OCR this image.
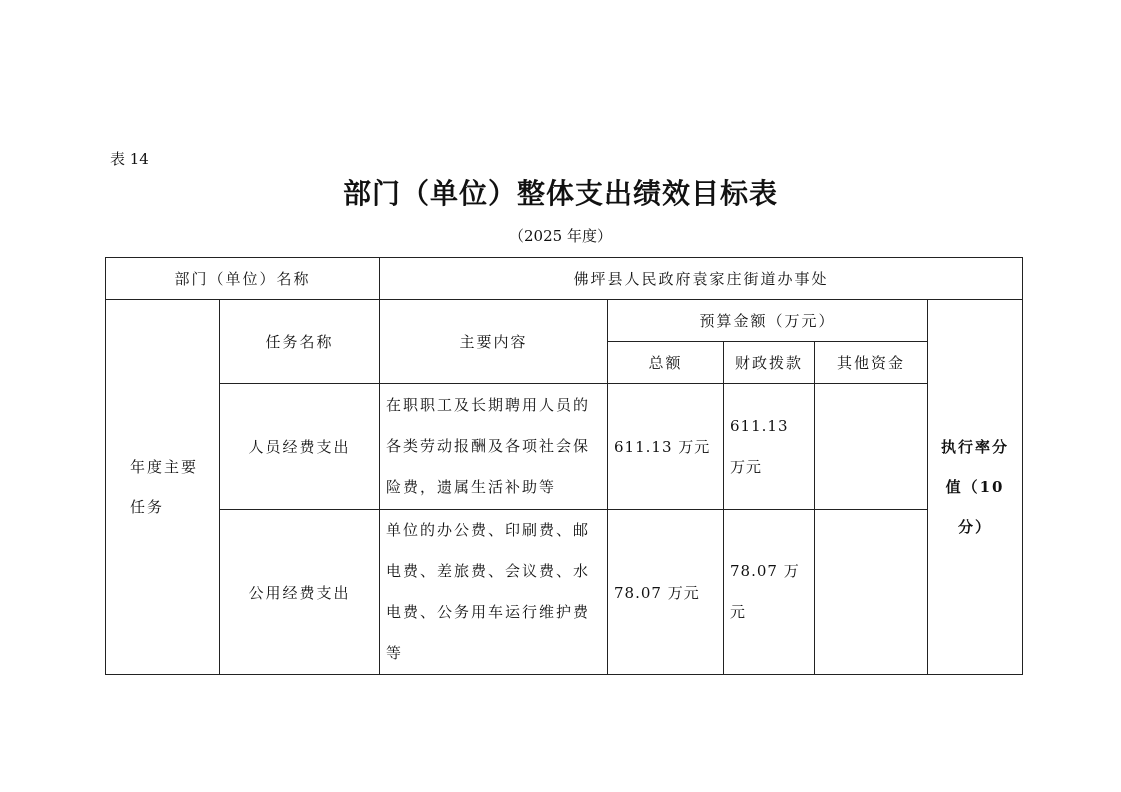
表 14
部门（单位）整体支出绩效目标表
（2025 年度）
部门（单位）名称		佛坪县人民政府袁家庄街道办事处				

年度主要任务	任务名称	主要内容	预算金额（万元）			执行率分值（10分）

			总额	财政拨款	其他资金	
	人员经费支出	在职职工及长期聘用人员的各类劳动报酬及各项社会保险费，遗属生活补助等	611.13 万元	611.13 万元		
	公用经费支出	单位的办公费、印刷费、邮电费、差旅费、会议费、水电费、公务用车运行维护费等	78.07 万元	78.07 万元		
